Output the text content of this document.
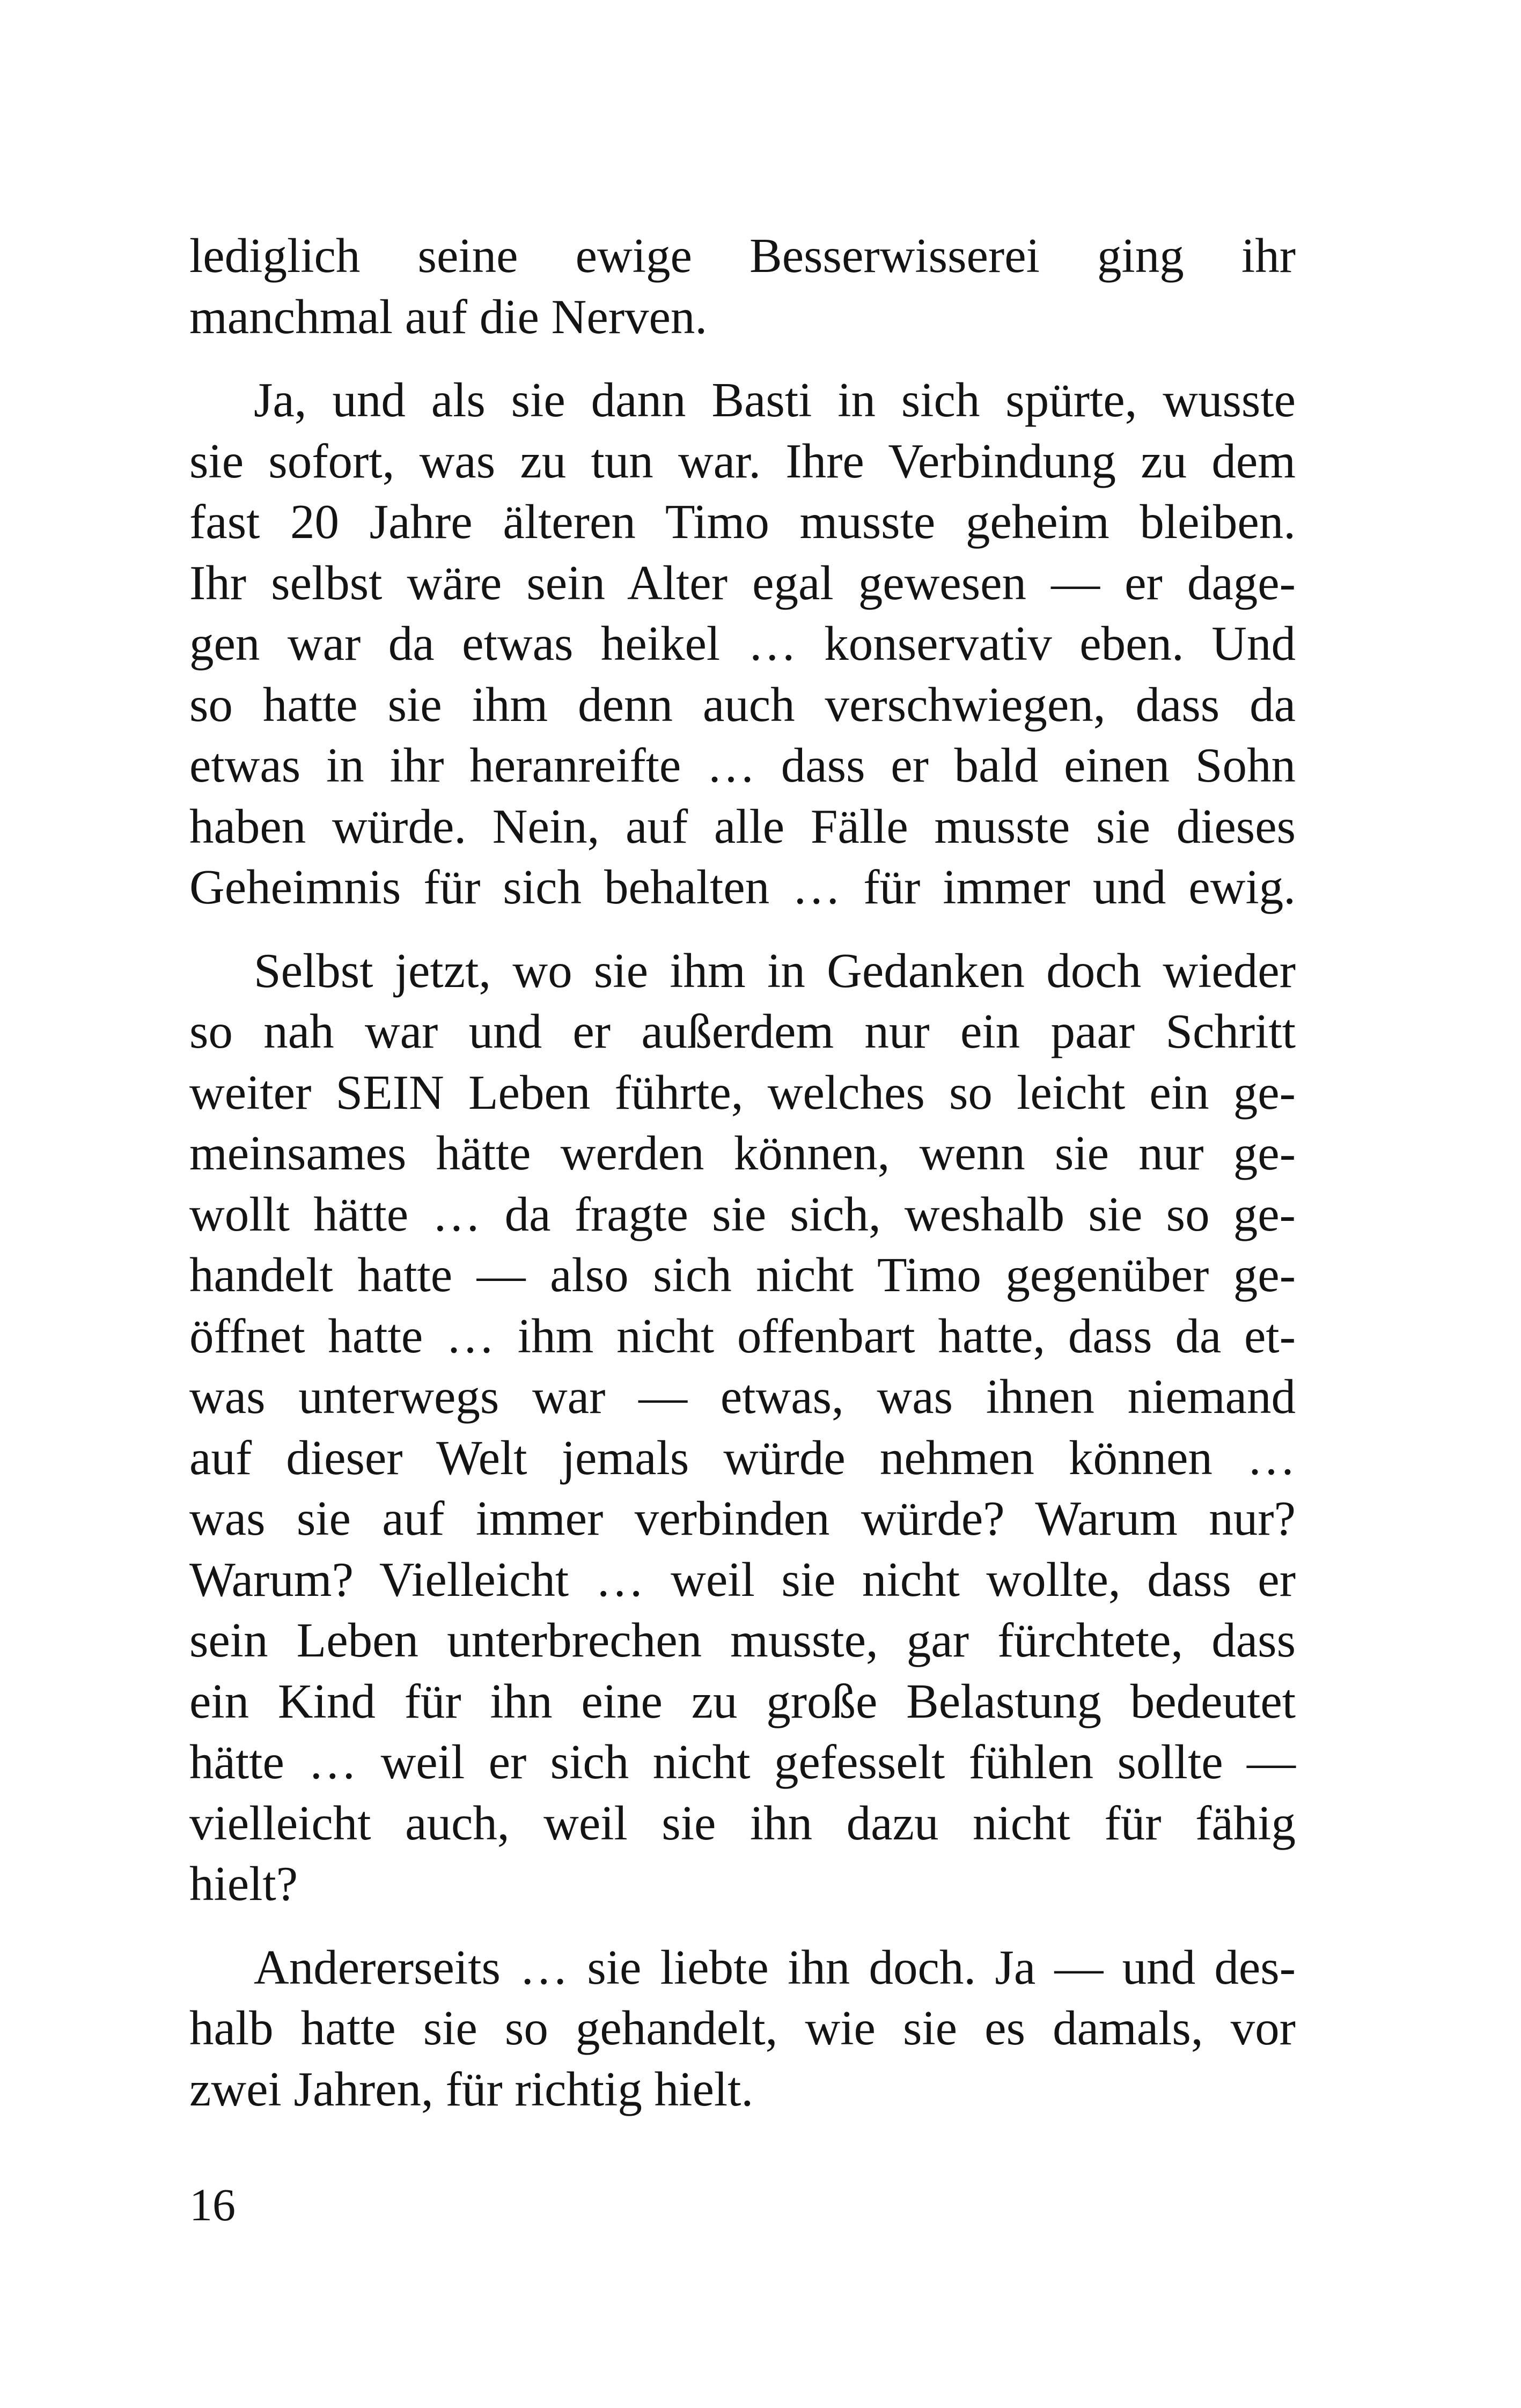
lediglich seine ewige Besserwisserei ging ihr
manchmal auf die Nerven.

Ja, und als sie dann Basti in sich spürte, wusste
sie sofort, was zu tun war. Ihre Verbindung zu dem
fast 20 Jahre älteren Timo musste geheim bleiben.
Ihr selbst wäre sein Alter egal gewesen — er dage-
gen war da etwas heikel … konservativ eben. Und
so hatte sie ihm denn auch verschwiegen, dass da
etwas in ihr heranreifte … dass er bald einen Sohn
haben würde. Nein, auf alle Fälle musste sie dieses
Geheimnis für sich behalten … für immer und ewig.

Selbst jetzt, wo sie ihm in Gedanken doch wieder
so nah war und er außerdem nur ein paar Schritt
weiter SEIN Leben führte, welches so leicht ein ge-
meinsames hätte werden können, wenn sie nur ge-
wollt hätte … da fragte sie sich, weshalb sie so ge-
handelt hatte — also sich nicht Timo gegenüber ge-
öffnet hatte … ihm nicht offenbart hatte, dass da et-
was unterwegs war — etwas, was ihnen niemand
auf dieser Welt jemals würde nehmen können …
was sie auf immer verbinden würde? Warum nur?
Warum? Vielleicht … weil sie nicht wollte, dass er
sein Leben unterbrechen musste, gar fürchtete, dass
ein Kind für ihn eine zu große Belastung bedeutet
hätte … weil er sich nicht gefesselt fühlen sollte —
vielleicht auch, weil sie ihn dazu nicht für fähig
hielt?

Andererseits … sie liebte ihn doch. Ja — und des-
halb hatte sie so gehandelt, wie sie es damals, vor
zwei Jahren, für richtig hielt.

16
